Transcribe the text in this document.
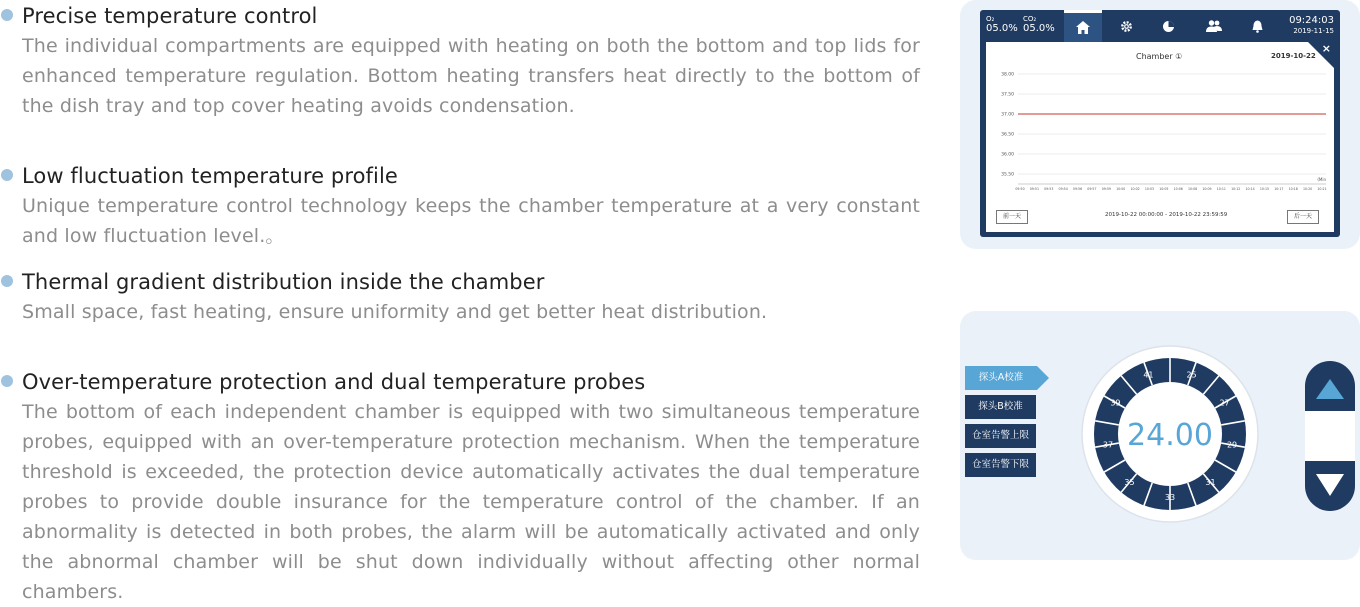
Precise temperature control

The individual compartments are equipped with heating on both the bottom and top lids for enhanced temperature regulation. Bottom heating transfers heat directly to the bottom of the dish tray and top cover heating avoids condensation.

Low fluctuation temperature profile

Unique temperature control technology keeps the chamber temperature at a very constant and low fluctuation level.。

Thermal gradient distribution inside the chamber

Small space, fast heating, ensure uniformity and get better heat distribution.

Over-temperature protection and dual temperature probes

The bottom of each independent chamber is equipped with two simultaneous temperature probes, equipped with an over-temperature protection mechanism. When the temperature threshold is exceeded, the protection device automatically activates the dual temperature probes to provide double insurance for the temperature control of the chamber. If an abnormality is detected in both probes, the alarm will be automatically activated and only the abnormal chamber will be shut down individually without affecting other normal chambers.

O₂
05.0%
CO₂
05.0%
09:24:03
2019-11-15
×
Chamber ①	2019-10-22
38.00
37.50
37.00
36.50
36.00
35.50
09:50 09:51 09:53 09:54 09:56 09:57 09:59 10:00 10:02 10:03 10:05 10:06 10:08 10:09 10:11 10:12 10:14 10:15 10:17 10:18 10:20 10:21
(Min
前一天	2019-10-22 00:00:00 - 2019-10-22 23:59:59	后一天
探头A校准
探头B校准
仓室告警上限
仓室告警下限
25
27
29
31
33
35
37
39
41
24.00
